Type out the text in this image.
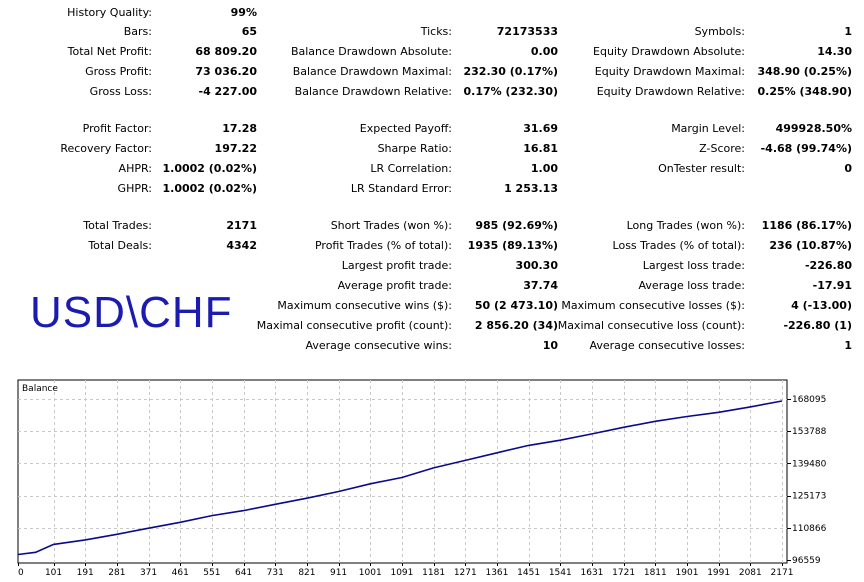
History Quality:	99%
Bars:	65	Ticks:	72173533	Symbols:	1
Total Net Profit:	68 809.20	Balance Drawdown Absolute:	0.00	Equity Drawdown Absolute:	14.30
Gross Profit:	73 036.20	Balance Drawdown Maximal: 232.30 (0.17%)	Equity Drawdown Maximal: 348.90 (0.25%)
Gross Loss:	-4 227.00	Balance Drawdown Relative: 0.17% (232.30)	Equity Drawdown Relative: 0.25% (348.90)
Profit Factor:	17.28	Expected Payoff:	31.69	Margin Level:	499928.50%
Recovery Factor:	197.22	Sharpe Ratio:	16.81	Z-Score: -4.68 (99.74%)
AHPR: 1.0002 (0.02%)	LR Correlation:	1.00	OnTester result:	0
GHPR: 1.0002 (0.02%)	LR Standard Error:	1 253.13
Total Trades:	2171	Short Trades (won %): 985 (92.69%)	Long Trades (won %): 1186 (86.17%)
Total Deals:	4342	Profit Trades (% of total): 1935 (89.13%)	Loss Trades (% of total): 236 (10.87%)
Largest profit trade:	300.30	Largest loss trade:	-226.80
Average profit trade:	37.74	Average loss trade:	-17.91
Maximum consecutive wins ($): 50 (2 473.10) Maximum consecutive losses ($):	4 (-13.00)
Maximal consecutive profit (count): 2 856.20 (34) Maximal consecutive loss (count):	-226.80 (1)
Average consecutive wins:	10	Average consecutive losses:	1
USD\CHF
Balance
0 101 191 281 371 461 551 641 731 821 911 1001 1091 1181 1271 1361 1451 1541 1631 1721 1811 1901 1991 2081 2171
96559
110866
125173
139480
153788
168095
